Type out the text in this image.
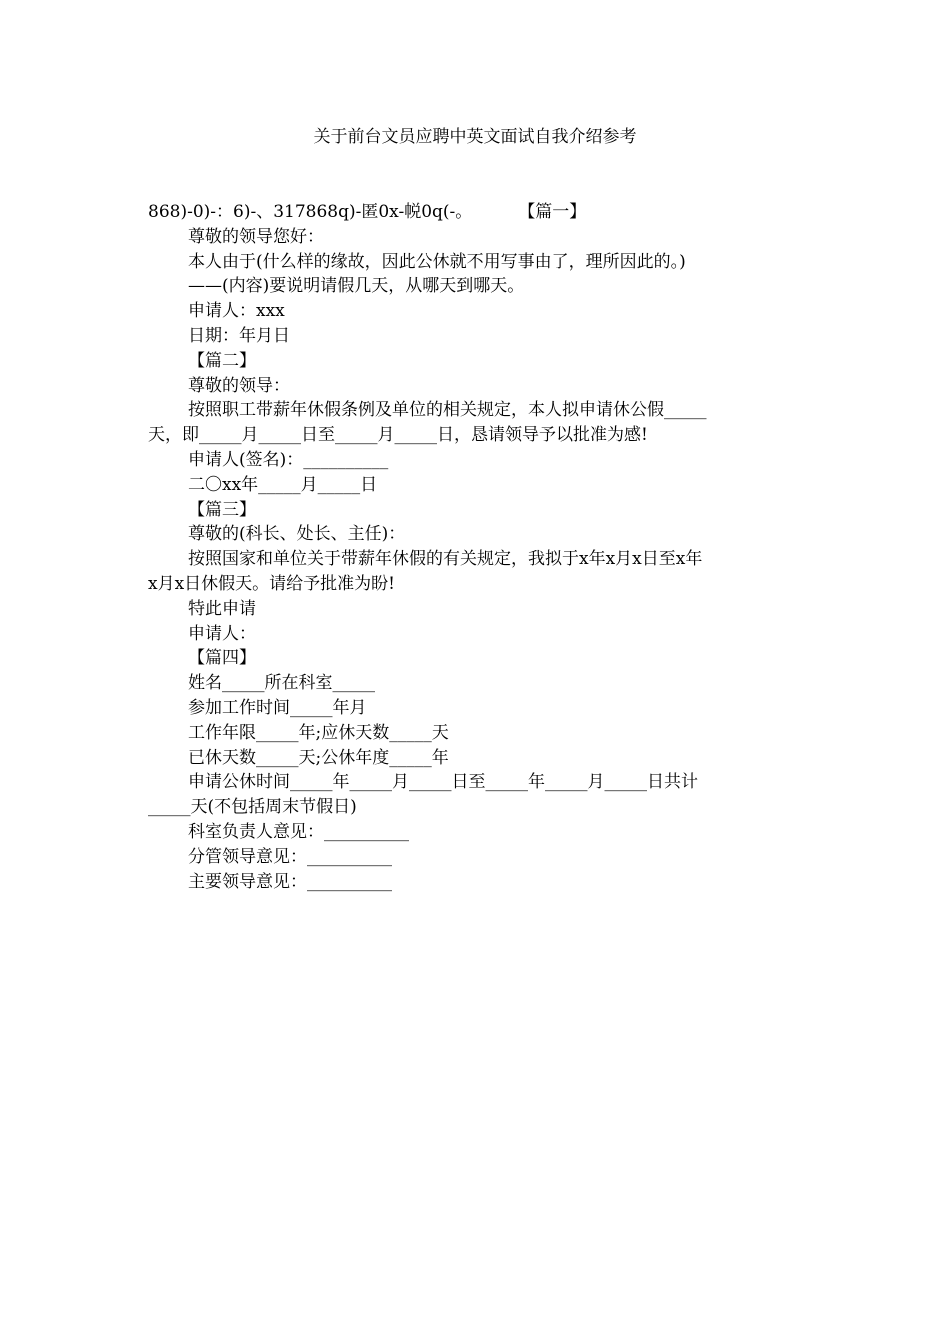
关于前台文员应聘中英文面试自我介绍参考
868)-0)-：6)-、317868q)-匿0x-帨0q(-。	【篇一】
尊敬的领导您好：
本人由于(什么样的缘故，因此公休就不用写事由了，理所因此的。)
——(内容)要说明请假几天，从哪天到哪天。
申请人：xxx
日期：年月日
【篇二】
尊敬的领导：
按照职工带薪年休假条例及单位的相关规定，本人拟申请休公假_____
天，即_____月_____日至_____月_____日，恳请领导予以批准为感!
申请人(签名)：__________
二〇xx年_____月_____日
【篇三】
尊敬的(科长、处长、主任)：
按照国家和单位关于带薪年休假的有关规定，我拟于x年x月x日至x年
x月x日休假天。请给予批准为盼!
特此申请
申请人：
【篇四】
姓名_____所在科室_____
参加工作时间_____年月
工作年限_____年;应休天数_____天
已休天数_____天;公休年度_____年
申请公休时间_____年_____月_____日至_____年_____月_____日共计
_____天(不包括周末节假日)
科室负责人意见：__________
分管领导意见：__________
主要领导意见：__________
